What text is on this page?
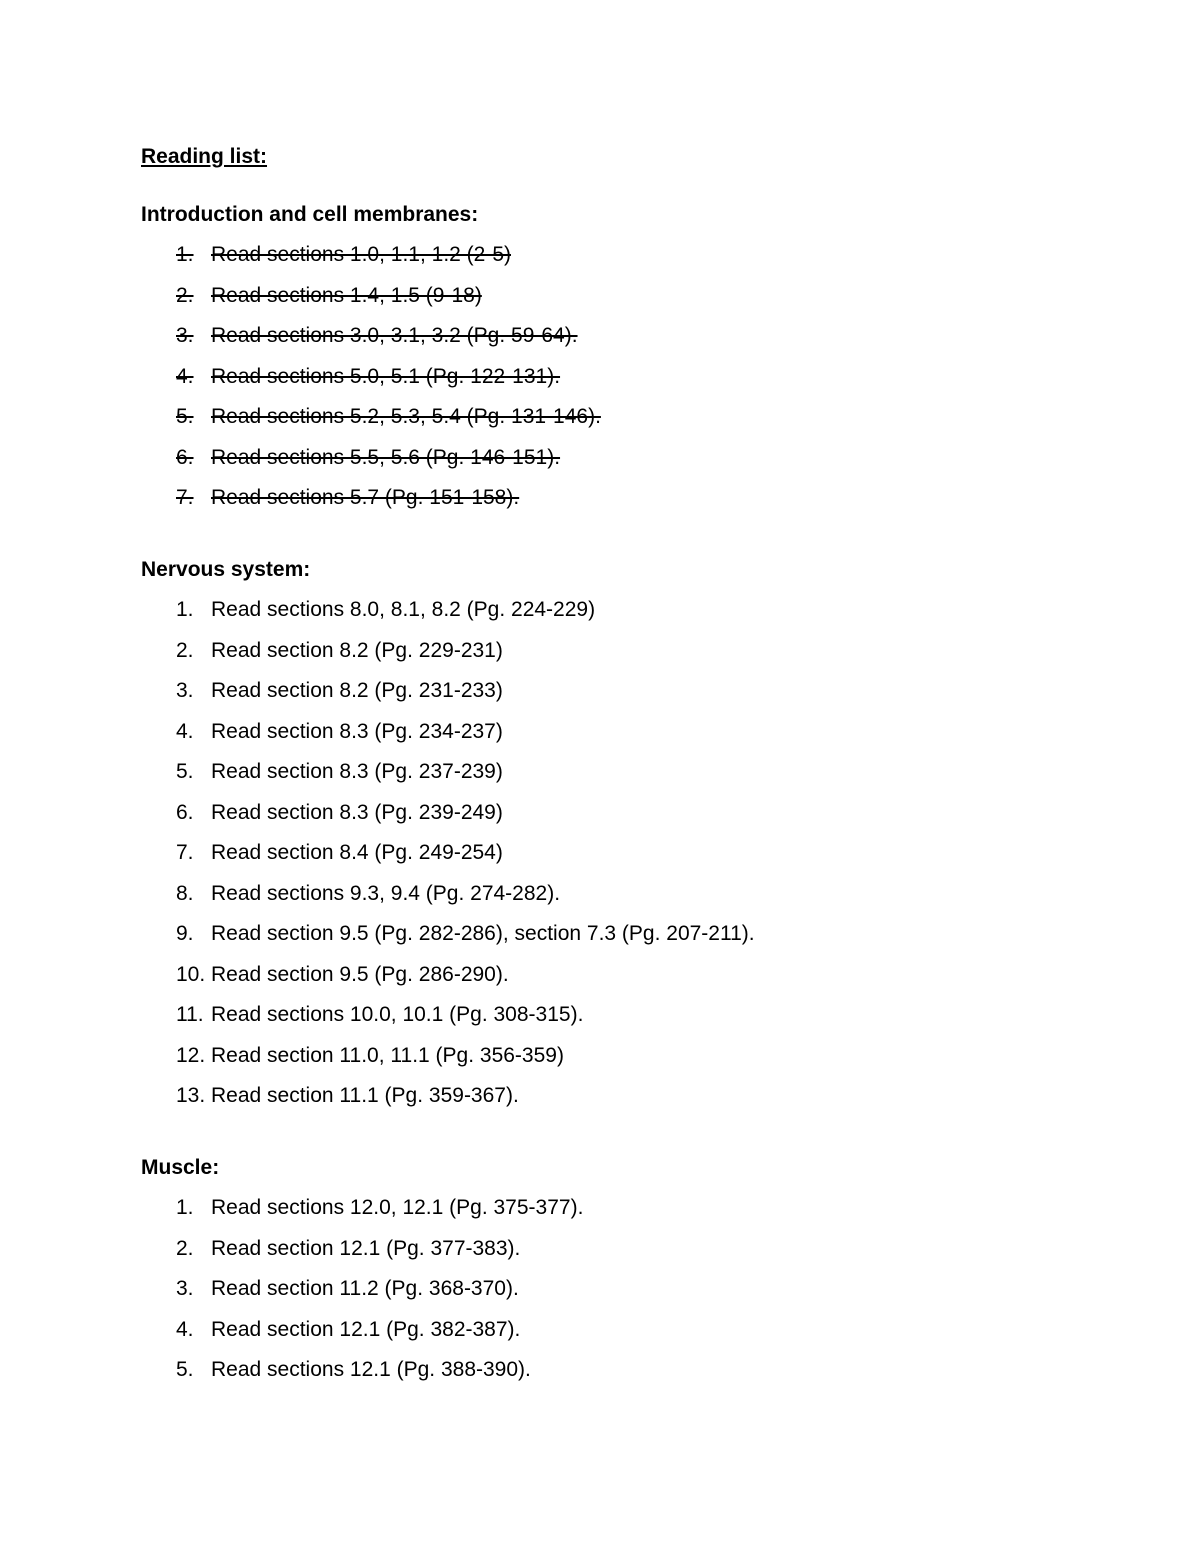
Reading list:
Introduction and cell membranes:
1. Read sections 1.0, 1.1, 1.2 (2-5)
2. Read sections 1.4, 1.5 (9-18)
3. Read sections 3.0, 3.1, 3.2 (Pg. 59-64).
4. Read sections 5.0, 5.1 (Pg. 122-131).
5. Read sections 5.2, 5.3, 5.4 (Pg. 131-146).
6. Read sections 5.5, 5.6 (Pg. 146-151).
7. Read sections 5.7 (Pg. 151-158).
Nervous system:
1. Read sections 8.0, 8.1, 8.2 (Pg. 224-229)
2. Read section 8.2 (Pg. 229-231)
3. Read section 8.2 (Pg. 231-233)
4. Read section 8.3 (Pg. 234-237)
5. Read section 8.3 (Pg. 237-239)
6. Read section 8.3 (Pg. 239-249)
7. Read section 8.4 (Pg. 249-254)
8. Read sections 9.3, 9.4 (Pg. 274-282).
9. Read section 9.5 (Pg. 282-286), section 7.3 (Pg. 207-211).
10. Read section 9.5 (Pg. 286-290).
11. Read sections 10.0, 10.1 (Pg. 308-315).
12. Read section 11.0, 11.1 (Pg. 356-359)
13. Read section 11.1 (Pg. 359-367).
Muscle:
1. Read sections 12.0, 12.1 (Pg. 375-377).
2. Read section 12.1 (Pg. 377-383).
3. Read section 11.2 (Pg. 368-370).
4. Read section 12.1 (Pg. 382-387).
5. Read sections 12.1 (Pg. 388-390).
